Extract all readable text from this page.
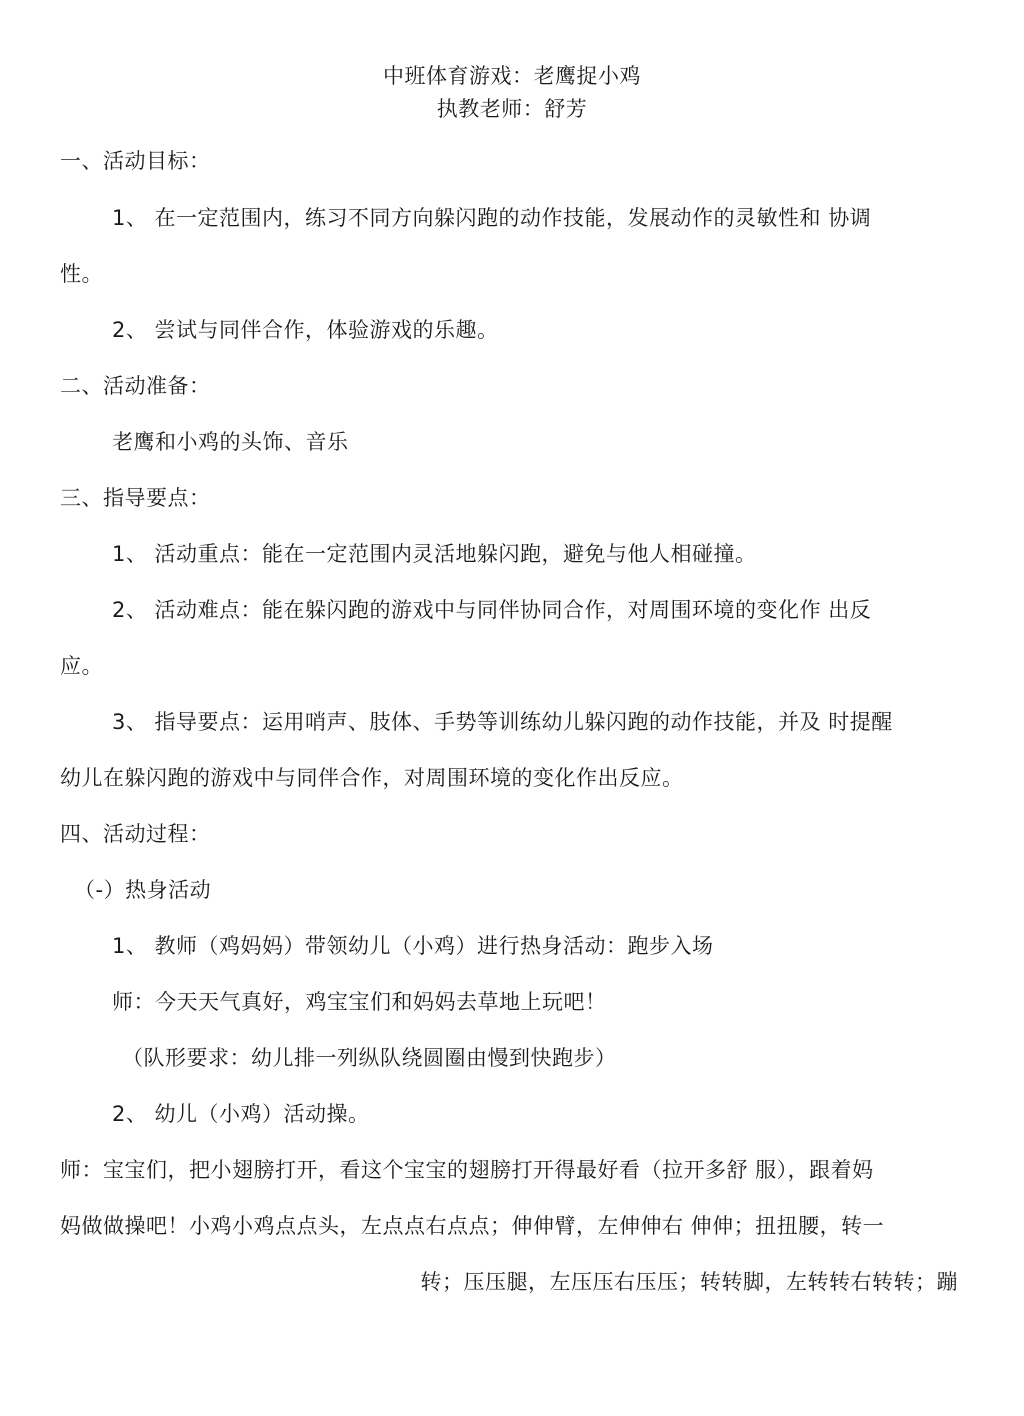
中班体育游戏：老鹰捉小鸡
执教老师：舒芳
一、活动目标：
1、 在一定范围内，练习不同方向躲闪跑的动作技能，发展动作的灵敏性和 协调
性。
2、 尝试与同伴合作，体验游戏的乐趣。
二、活动准备：
老鹰和小鸡的头饰、音乐
三、指导要点：
1、 活动重点：能在一定范围内灵活地躲闪跑，避免与他人相碰撞。
2、 活动难点：能在躲闪跑的游戏中与同伴协同合作，对周围环境的变化作 出反
应。
3、 指导要点：运用哨声、肢体、手势等训练幼儿躲闪跑的动作技能，并及 时提醒
幼儿在躲闪跑的游戏中与同伴合作，对周围环境的变化作出反应。
四、活动过程：
（-）热身活动
1、 教师（鸡妈妈）带领幼儿（小鸡）进行热身活动：跑步入场
师：今天天气真好，鸡宝宝们和妈妈去草地上玩吧！
（队形要求：幼儿排一列纵队绕圆圈由慢到快跑步）
2、 幼儿（小鸡）活动操。
师：宝宝们，把小翅膀打开，看这个宝宝的翅膀打开得最好看（拉开多舒 服），跟着妈
妈做做操吧！小鸡小鸡点点头，左点点右点点；伸伸臂，左伸伸右 伸伸；扭扭腰，转一
转；压压腿，左压压右压压；转转脚，左转转右转转；蹦
